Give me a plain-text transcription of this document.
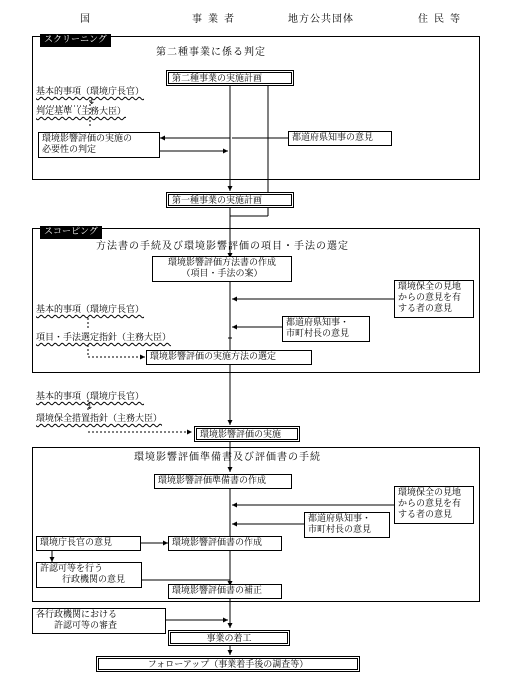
国	事業者	地方公共団体	住民等
スクリーニング
第二種事業に係る判定
第二種事業の実施計画
基本的事項（環境庁長官）
↓
判定基準（主務大臣）
環境影響評価の実施の
必要性の判定
都道府県知事の意見
第一種事業の実施計画
スコーピング
方法書の手続及び環境影響評価の項目・手法の選定
環境影響評価方法書の作成
（項目・手法の案）
環境保全の見地
からの意見を有
する者の意見
基本的事項（環境庁長官）
都道府県知事・
市町村長の意見
項目・手法選定指針（主務大臣）
環境影響評価の実施方法の選定
基本的事項（環境庁長官）
↓
環境保全措置指針（主務大臣）
環境影響評価の実施
環境影響評価準備書及び評価書の手続
環境影響評価準備書の作成
環境保全の見地
からの意見を有
する者の意見
都道府県知事・
市町村長の意見
環境庁長官の意見	環境影響評価書の作成
許認可等を行う
行政機関の意見
環境影響評価書の補正
各行政機関における
許認可等の審査
事業の着工
フォローアップ（事業着手後の調査等）
